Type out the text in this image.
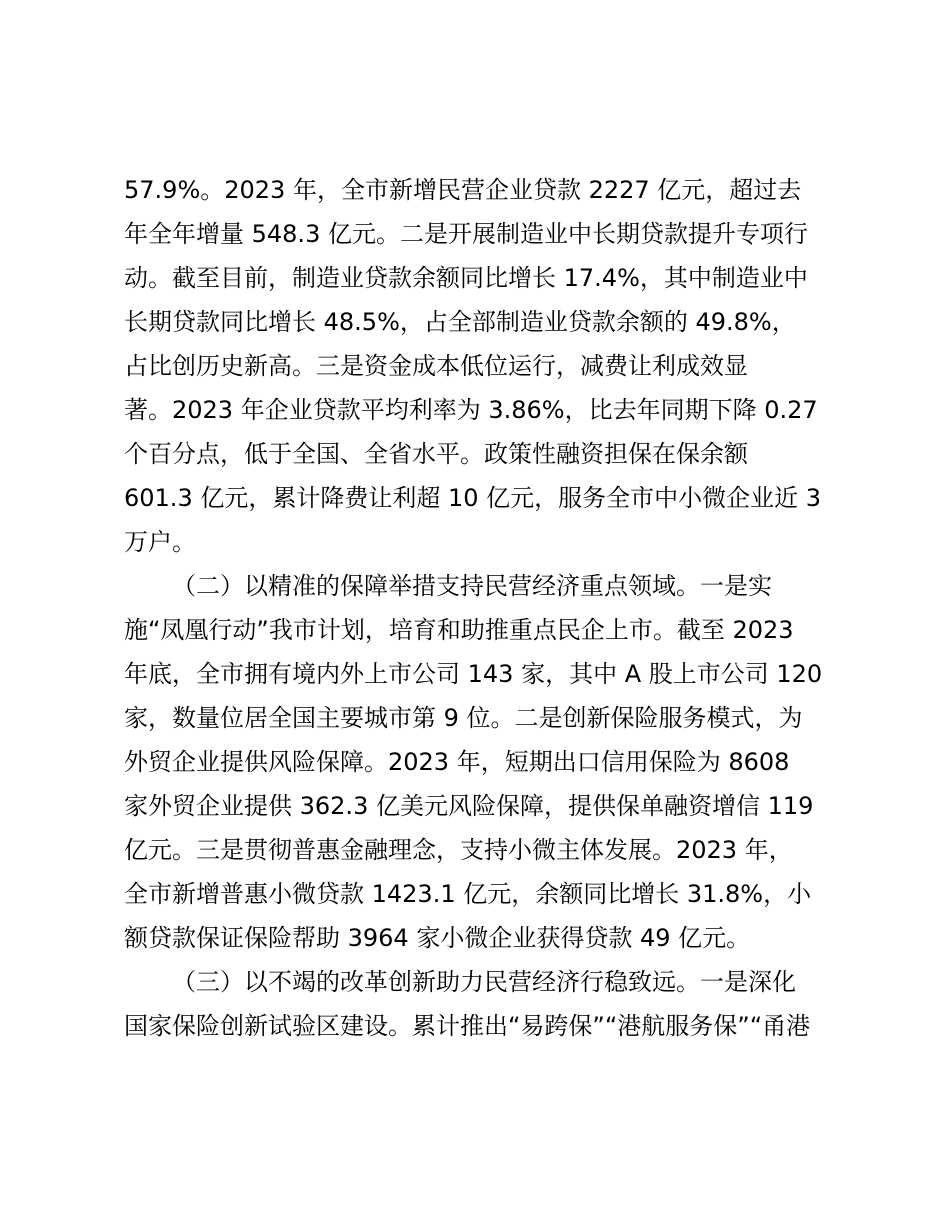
57.9%。2023 年，全市新增民营企业贷款 2227 亿元，超过去
年全年增量 548.3 亿元。二是开展制造业中长期贷款提升专项行
动。截至目前，制造业贷款余额同比增长 17.4%，其中制造业中
长期贷款同比增长 48.5%，占全部制造业贷款余额的 49.8%，
占比创历史新高。三是资金成本低位运行，减费让利成效显
著。2023 年企业贷款平均利率为 3.86%，比去年同期下降 0.27
个百分点，低于全国、全省水平。政策性融资担保在保余额
601.3 亿元，累计降费让利超 10 亿元，服务全市中小微企业近 3
万户。
（二）以精准的保障举措支持民营经济重点领域。一是实
施“凤凰行动”我市计划，培育和助推重点民企上市。截至 2023
年底，全市拥有境内外上市公司 143 家，其中 A 股上市公司 120
家，数量位居全国主要城市第 9 位。二是创新保险服务模式，为
外贸企业提供风险保障。2023 年，短期出口信用保险为 8608
家外贸企业提供 362.3 亿美元风险保障，提供保单融资增信 119
亿元。三是贯彻普惠金融理念，支持小微主体发展。2023 年，
全市新增普惠小微贷款 1423.1 亿元，余额同比增长 31.8%，小
额贷款保证保险帮助 3964 家小微企业获得贷款 49 亿元。
（三）以不竭的改革创新助力民营经济行稳致远。一是深化
国家保险创新试验区建设。累计推出“易跨保”“港航服务保”“甬港
